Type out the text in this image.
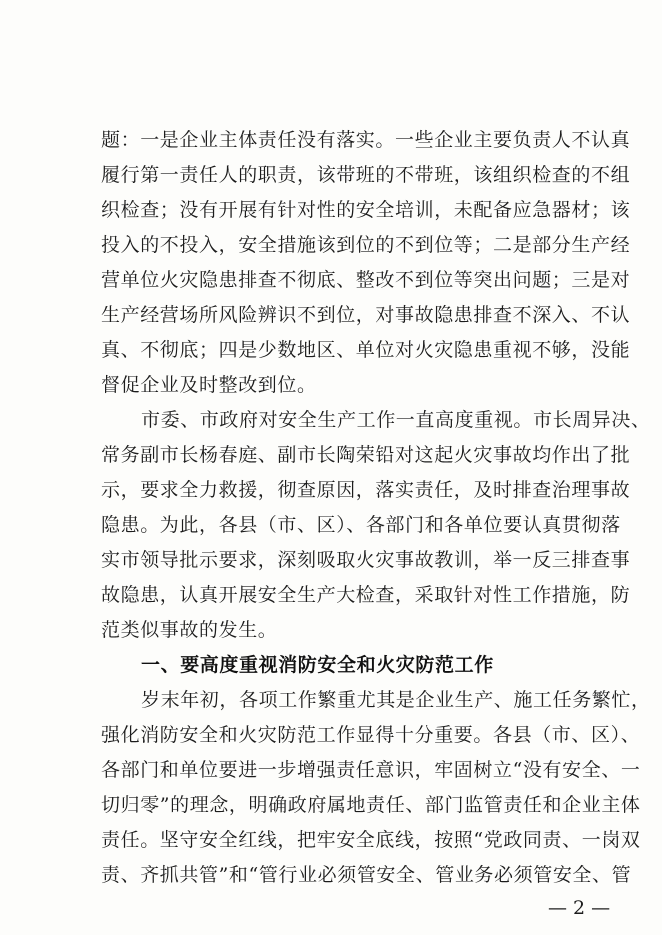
题：一是企业主体责任没有落实。一些企业主要负责人不认真
履行第一责任人的职责，该带班的不带班，该组织检查的不组
织检查；没有开展有针对性的安全培训，未配备应急器材；该
投入的不投入，安全措施该到位的不到位等；二是部分生产经
营单位火灾隐患排查不彻底、整改不到位等突出问题；三是对
生产经营场所风险辨识不到位，对事故隐患排查不深入、不认
真、不彻底；四是少数地区、单位对火灾隐患重视不够，没能
督促企业及时整改到位。
市委、市政府对安全生产工作一直高度重视。市长周异决、
常务副市长杨春庭、副市长陶荣铅对这起火灾事故均作出了批
示，要求全力救援，彻查原因，落实责任，及时排查治理事故
隐患。为此，各县（市、区）、各部门和各单位要认真贯彻落
实市领导批示要求，深刻吸取火灾事故教训，举一反三排查事
故隐患，认真开展安全生产大检查，采取针对性工作措施，防
范类似事故的发生。
一、要高度重视消防安全和火灾防范工作
岁末年初，各项工作繁重尤其是企业生产、施工任务繁忙，
强化消防安全和火灾防范工作显得十分重要。各县（市、区）、
各部门和单位要进一步增强责任意识，牢固树立“没有安全、一
切归零”的理念，明确政府属地责任、部门监管责任和企业主体
责任。坚守安全红线，把牢安全底线，按照“党政同责、一岗双
责、齐抓共管”和“管行业必须管安全、管业务必须管安全、管
— 2 —
